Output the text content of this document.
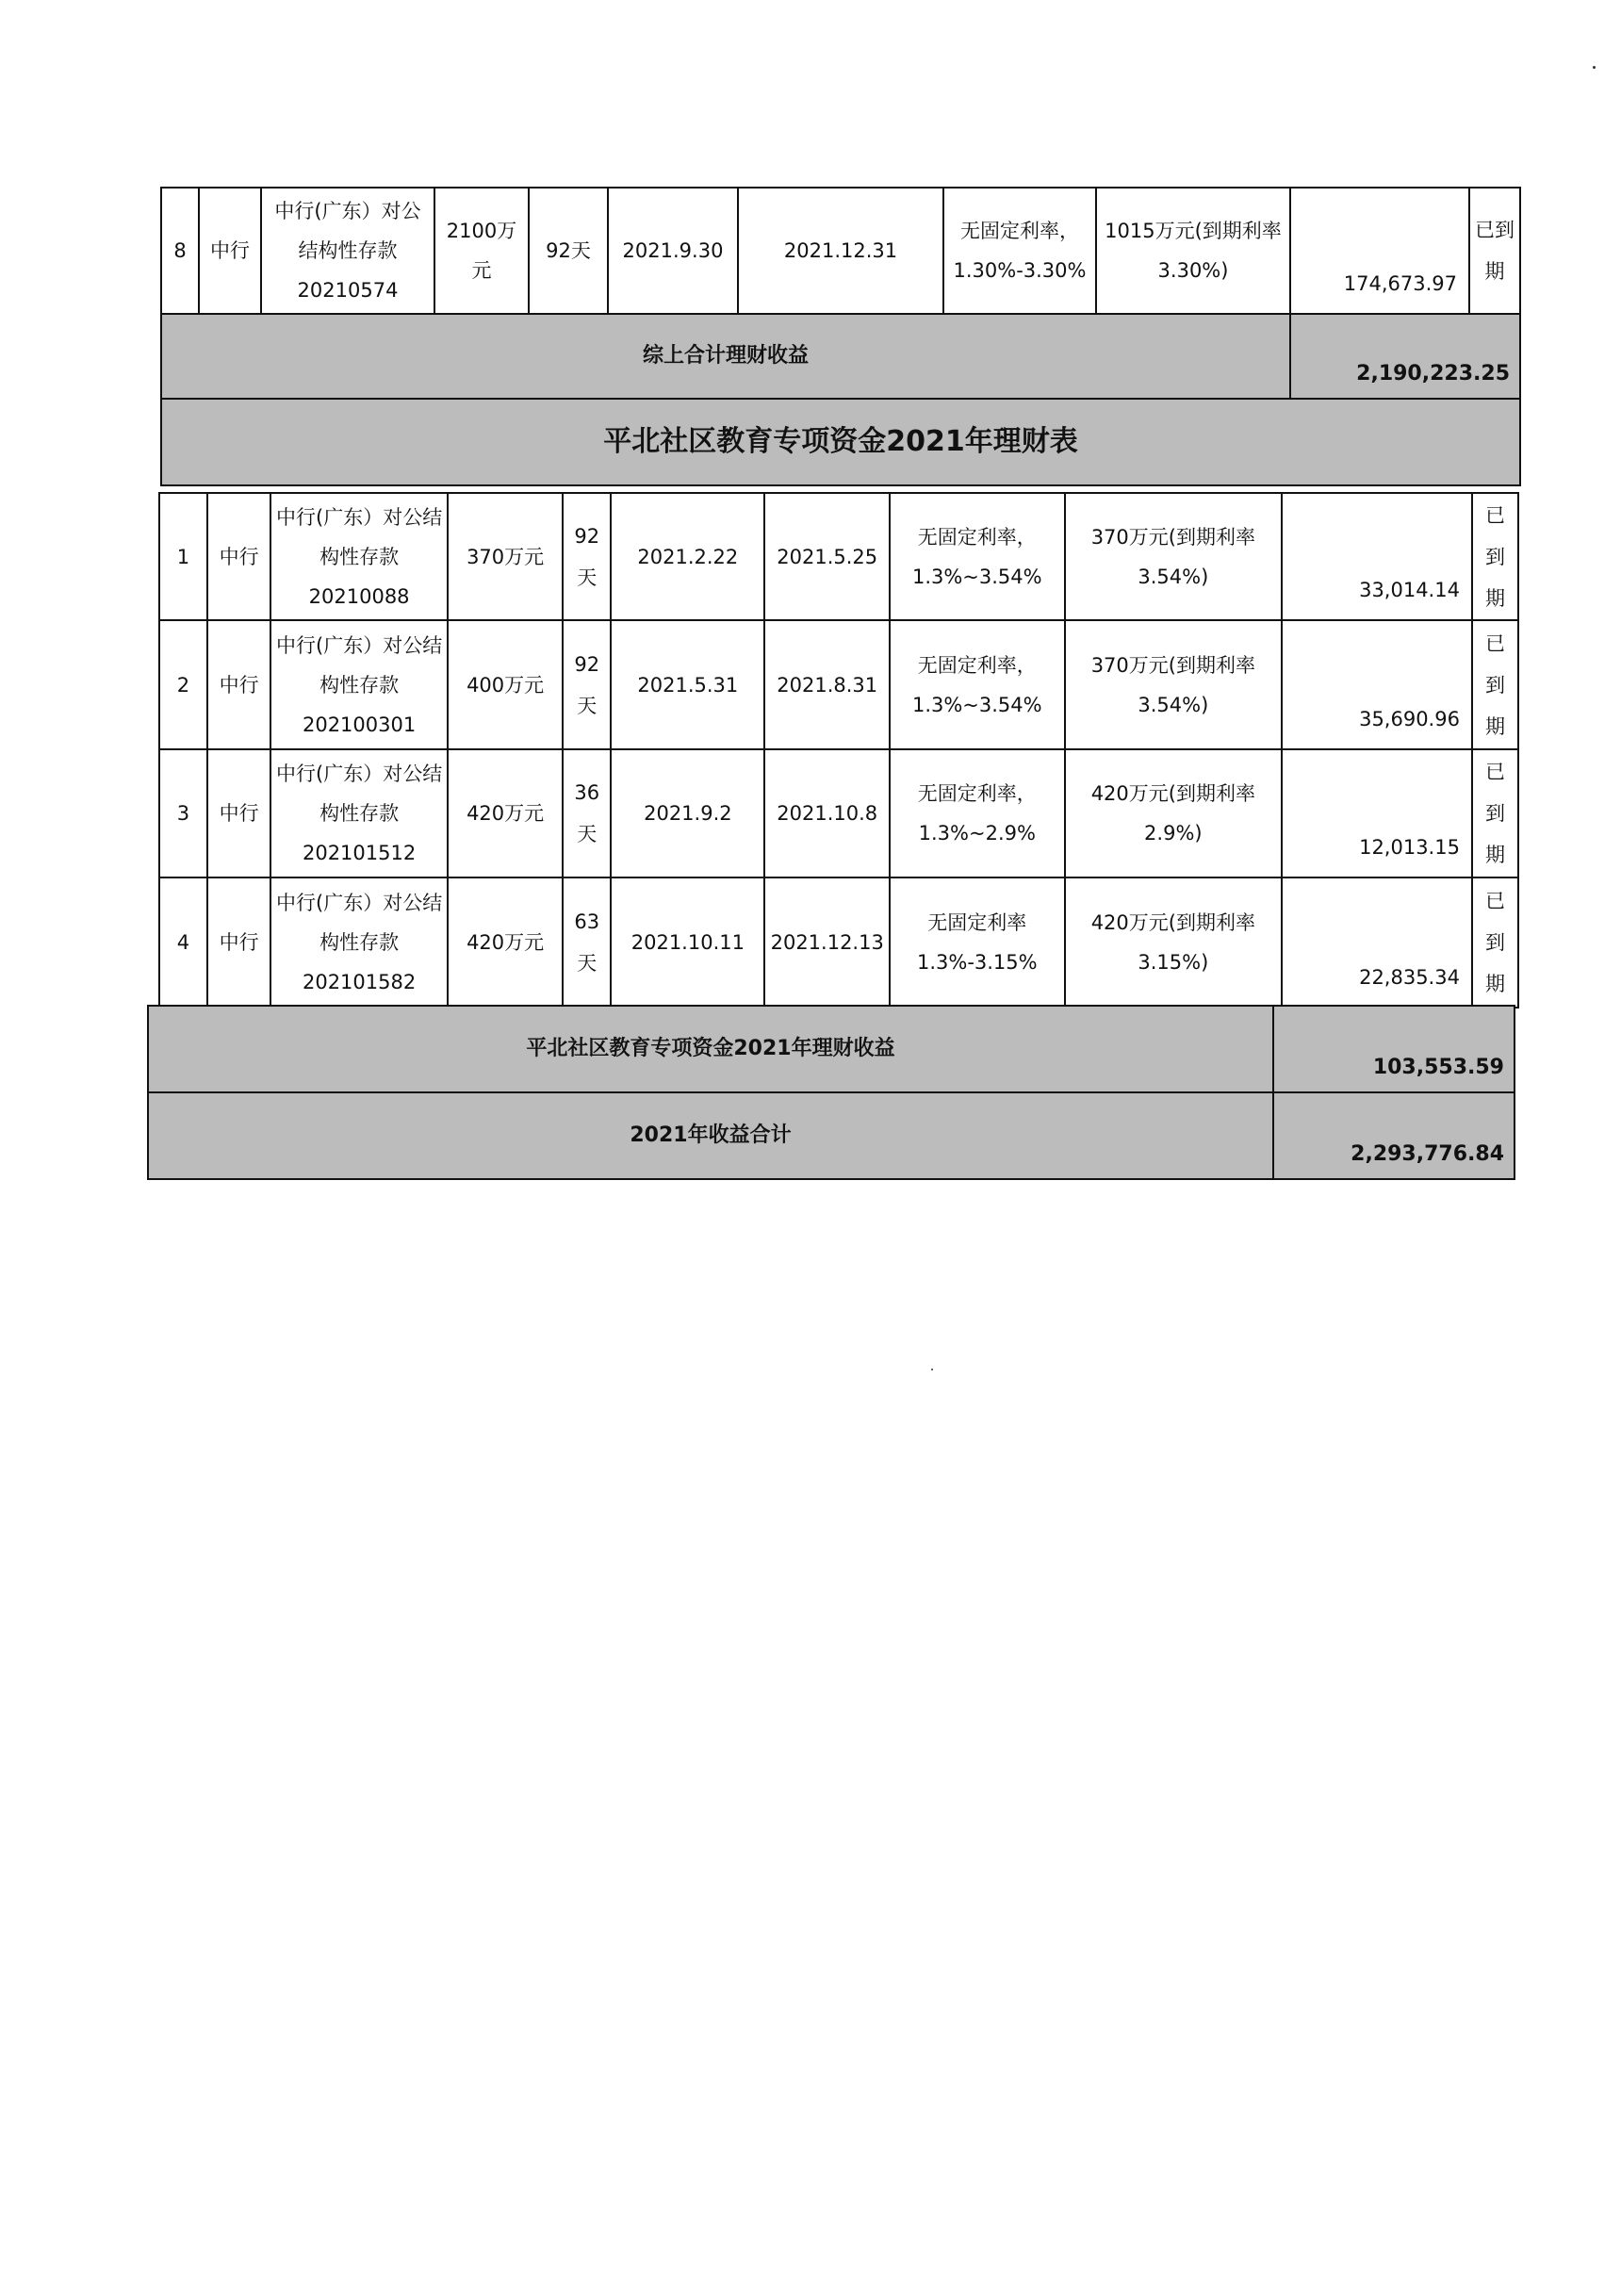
8	中行	中行(广东）对公结构性存款20210574	2100万元	92天	2021.9.30	2021.12.31	无固定利率，1.30%-3.30%	1015万元(到期利率3.30%)	174,673.97	已到期
综上合计理财收益									2,190,223.25	
平北社区教育专项资金2021年理财表										
1	中行	中行(广东）对公结构性存款20210088	370万元	92天	2021.2.22	2021.5.25	无固定利率，1.3%~3.54%	370万元(到期利率3.54%)	33,014.14	已到期
2	中行	中行(广东）对公结构性存款202100301	400万元	92天	2021.5.31	2021.8.31	无固定利率，1.3%~3.54%	370万元(到期利率3.54%)	35,690.96	已到期
3	中行	中行(广东）对公结构性存款202101512	420万元	36天	2021.9.2	2021.10.8	无固定利率，1.3%~2.9%	420万元(到期利率2.9%)	12,013.15	已到期
4	中行	中行(广东）对公结构性存款202101582	420万元	63天	2021.10.11	2021.12.13	无固定利率1.3%-3.15%	420万元(到期利率3.15%)	22,835.34	已到期
平北社区教育专项资金2021年理财收益	103,553.59
2021年收益合计	2,293,776.84
